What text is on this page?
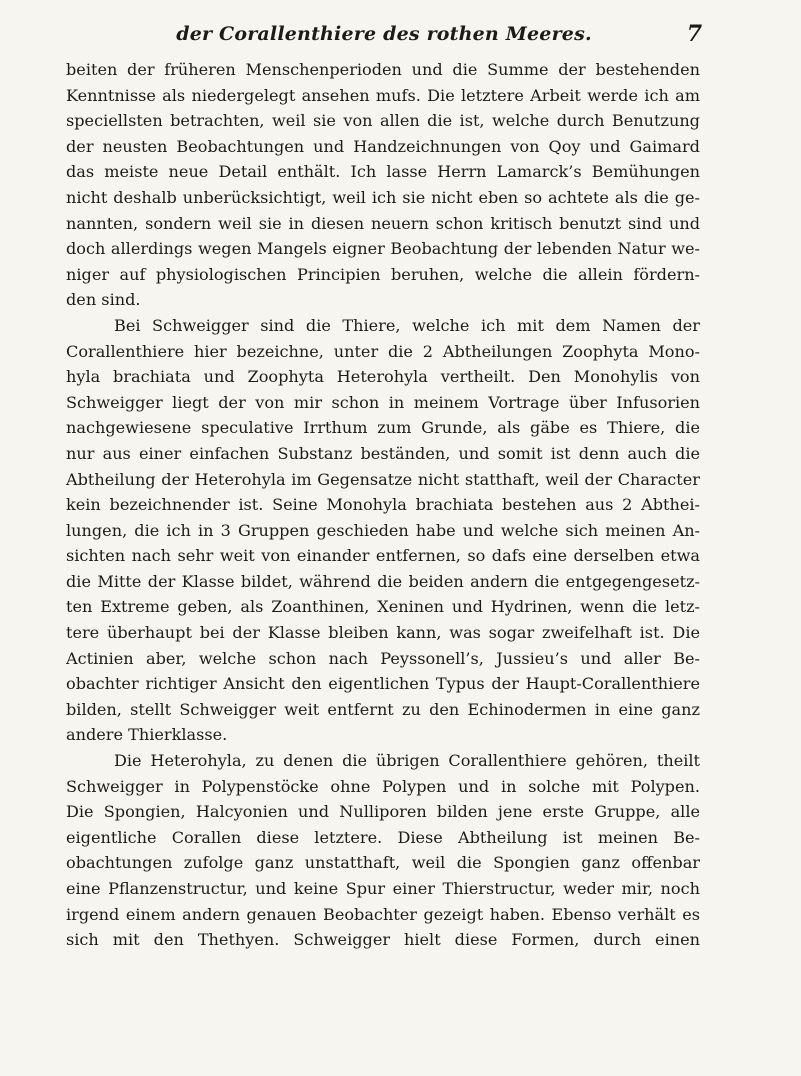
der Corallenthiere des rothen Meeres.	7
beiten der früheren Menschenperioden und die Summe der bestehenden
Kenntnisse als niedergelegt ansehen mufs. Die letztere Arbeit werde ich am
speciellsten betrachten, weil sie von allen die ist, welche durch Benutzung
der neusten Beobachtungen und Handzeichnungen von Qoy und Gaimard
das meiste neue Detail enthält. Ich lasse Herrn Lamarck’s Bemühungen
nicht deshalb unberücksichtigt, weil ich sie nicht eben so achtete als die ge-
nannten, sondern weil sie in diesen neuern schon kritisch benutzt sind und
doch allerdings wegen Mangels eigner Beobachtung der lebenden Natur we-
niger auf physiologischen Principien beruhen, welche die allein fördern-
den sind.
Bei Schweigger sind die Thiere, welche ich mit dem Namen der
Corallenthiere hier bezeichne, unter die 2 Abtheilungen Zoophyta Mono-
hyla brachiata und Zoophyta Heterohyla vertheilt. Den Monohylis von
Schweigger liegt der von mir schon in meinem Vortrage über Infusorien
nachgewiesene speculative Irrthum zum Grunde, als gäbe es Thiere, die
nur aus einer einfachen Substanz beständen, und somit ist denn auch die
Abtheilung der Heterohyla im Gegensatze nicht statthaft, weil der Character
kein bezeichnender ist. Seine Monohyla brachiata bestehen aus 2 Abthei-
lungen, die ich in 3 Gruppen geschieden habe und welche sich meinen An-
sichten nach sehr weit von einander entfernen, so dafs eine derselben etwa
die Mitte der Klasse bildet, während die beiden andern die entgegengesetz-
ten Extreme geben, als Zoanthinen, Xeninen und Hydrinen, wenn die letz-
tere überhaupt bei der Klasse bleiben kann, was sogar zweifelhaft ist. Die
Actinien aber, welche schon nach Peyssonell’s, Jussieu’s und aller Be-
obachter richtiger Ansicht den eigentlichen Typus der Haupt-Corallenthiere
bilden, stellt Schweigger weit entfernt zu den Echinodermen in eine ganz
andere Thierklasse.
Die Heterohyla, zu denen die übrigen Corallenthiere gehören, theilt
Schweigger in Polypenstöcke ohne Polypen und in solche mit Polypen.
Die Spongien, Halcyonien und Nulliporen bilden jene erste Gruppe, alle
eigentliche Corallen diese letztere. Diese Abtheilung ist meinen Be-
obachtungen zufolge ganz unstatthaft, weil die Spongien ganz offenbar
eine Pflanzenstructur, und keine Spur einer Thierstructur, weder mir, noch
irgend einem andern genauen Beobachter gezeigt haben. Ebenso verhält es
sich mit den Thethyen. Schweigger hielt diese Formen, durch einen
